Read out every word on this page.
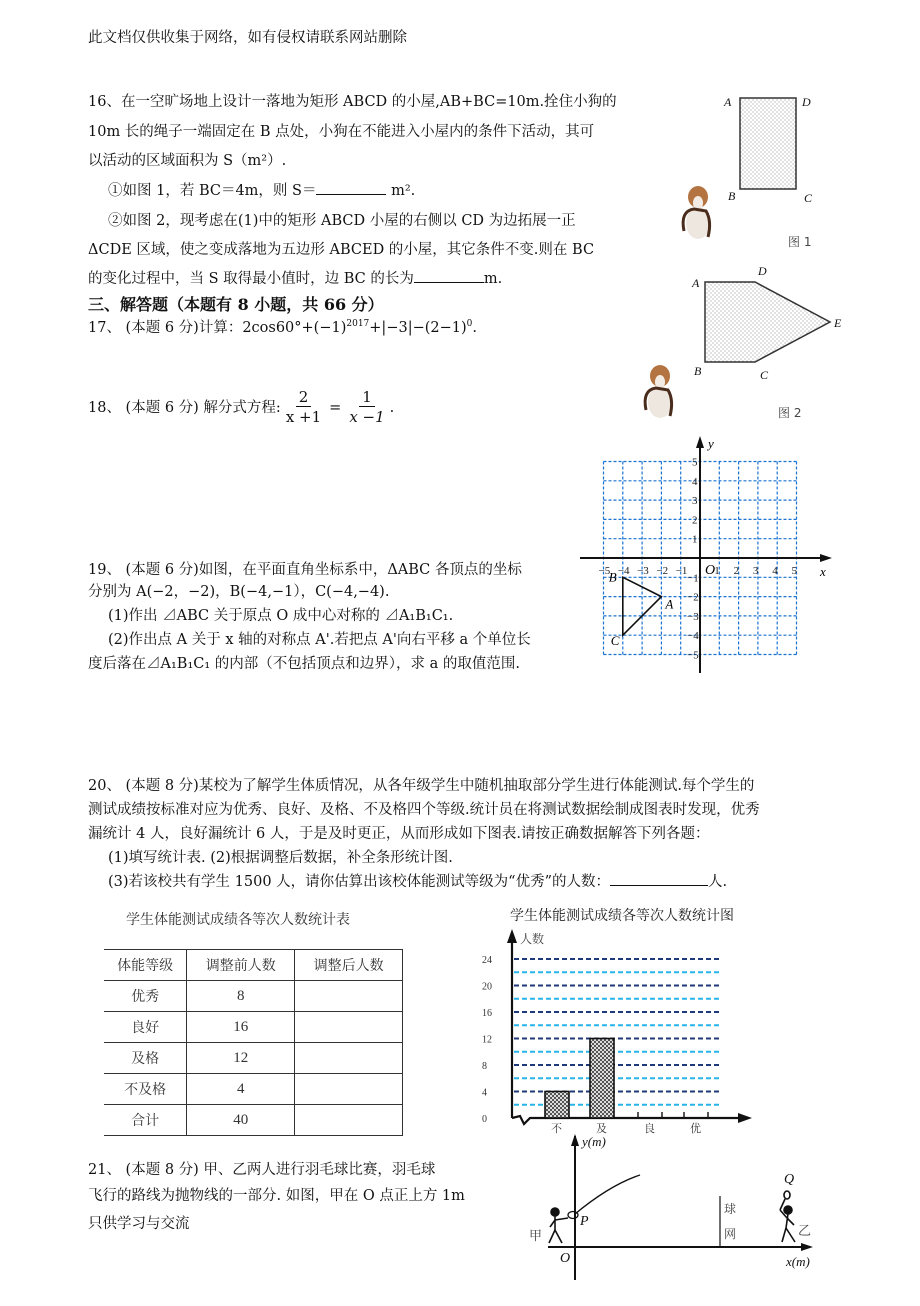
此文档仅供收集于网络，如有侵权请联系网站删除
16、在一空旷场地上设计一落地为矩形 ABCD 的小屋,AB+BC=10m.拴住小狗的
10m 长的绳子一端固定在 B 点处，小狗在不能进入小屋内的条件下活动，其可
以活动的区域面积为 S（m²）.
①如图 1，若 BC＝4m，则 S＝	m².
②如图 2，现考虑在(1)中的矩形 ABCD 小屋的右侧以 CD 为边拓展一正
ΔCDE 区域，使之变成落地为五边形 ABCED 的小屋，其它条件不变.则在 BC
的变化过程中，当 S 取得最小值时，边 BC 的长为	m.
A	D
B	C
图 1
A
D
E
B	C
图 2
三、解答题（本题有 8 小题，共 66 分）
17、 (本题 6 分)计算：$2\cos 60^\circ+(-1)^{2017}+|-3|-(2-1)^0$.
18、 (本题 6 分) 解分式方程: $\frac{2}{x +1} = \frac{1}{x -1}$ .
19、 (本题 6 分)如图，在平面直角坐标系中，ΔABC 各顶点的坐标
分别为 A(−2，−2)，B(−4,−1），C(−4,−4).
(1)作出 ⊿ABC 关于原点 O 成中心对称的 ⊿A₁B₁C₁.
(2)作出点 A 关于 x 轴的对称点 A'.若把点 A'向右平移 a 个单位长
度后落在⊿A₁B₁C₁ 的内部（不包括顶点和边界），求 a 的取值范围.
−5 −4 −3 −2 −1 1 2 3 4 5
5
4
3
2
1
−1
−2
−3
−4
−5
O	x
y
A
B
C
20、 (本题 8 分)某校为了解学生体质情况，从各年级学生中随机抽取部分学生进行体能测试.每个学生的
测试成绩按标准对应为优秀、良好、及格、不及格四个等级.统计员在将测试数据绘制成图表时发现，优秀
漏统计 4 人，良好漏统计 6 人，于是及时更正，从而形成如下图表.请按正确数据解答下列各题：
(1)填写统计表. (2)根据调整后数据，补全条形统计图.
(3)若该校共有学生 1500 人，请你估算出该校体能测试等级为“优秀”的人数：	人.
学生体能测试成绩各等次人数统计表
体能等级	调整前人数	调整后人数
优秀	8	
良好	16	
及格	12	
不及格	4	
合计	40	
学生体能测试成绩各等次人数统计图
0
4
8
12
16
20
24
人数
不	及	良	优
21、 (本题 8 分) 甲、乙两人进行羽毛球比赛，羽毛球
飞行的路线为抛物线的一部分. 如图，甲在 O 点正上方 1m
只供学习与交流
y(m)
x(m)
O
P
Q
甲	乙
球
网
